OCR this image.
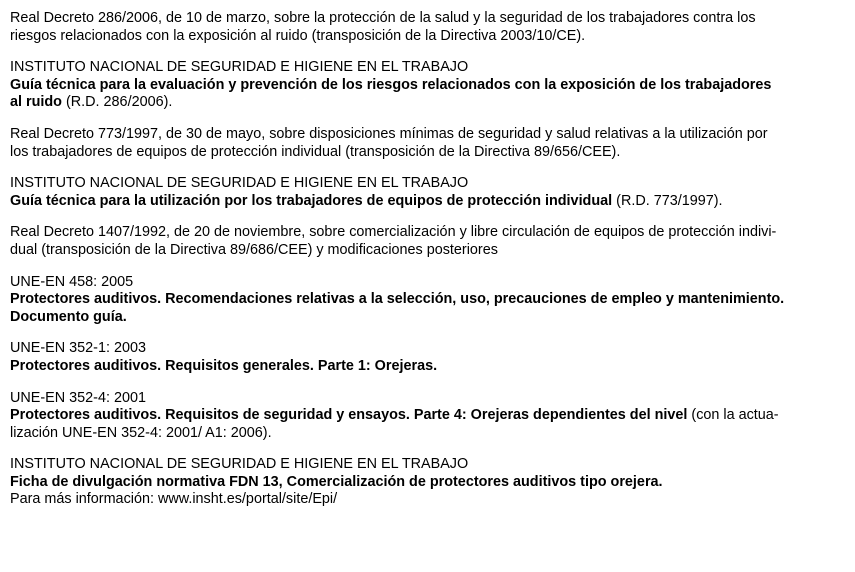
Real Decreto 286/2006, de 10 de marzo, sobre la protección de la salud y la seguridad de los trabajadores contra los
riesgos relacionados con la exposición al ruido (transposición de la Directiva 2003/10/CE).

INSTITUTO NACIONAL DE SEGURIDAD E HIGIENE EN EL TRABAJO
Guía técnica para la evaluación y prevención de los riesgos relacionados con la exposición de los trabajadores
al ruido (R.D. 286/2006).

Real Decreto 773/1997, de 30 de mayo, sobre disposiciones mínimas de seguridad y salud relativas a la utilización por
los trabajadores de equipos de protección individual (transposición de la Directiva 89/656/CEE).

INSTITUTO NACIONAL DE SEGURIDAD E HIGIENE EN EL TRABAJO
Guía técnica para la utilización por los trabajadores de equipos de protección individual (R.D. 773/1997).

Real Decreto 1407/1992, de 20 de noviembre, sobre comercialización y libre circulación de equipos de protección indivi-
dual (transposición de la Directiva 89/686/CEE) y modificaciones posteriores

UNE-EN 458: 2005
Protectores auditivos. Recomendaciones relativas a la selección, uso, precauciones de empleo y mantenimiento.
Documento guía.

UNE-EN 352-1: 2003
Protectores auditivos. Requisitos generales. Parte 1: Orejeras.

UNE-EN 352-4: 2001
Protectores auditivos. Requisitos de seguridad y ensayos. Parte 4: Orejeras dependientes del nivel (con la actua-
lización UNE-EN 352-4: 2001/ A1: 2006).

INSTITUTO NACIONAL DE SEGURIDAD E HIGIENE EN EL TRABAJO
Ficha de divulgación normativa FDN 13, Comercialización de protectores auditivos tipo orejera.
Para más información: www.insht.es/portal/site/Epi/
